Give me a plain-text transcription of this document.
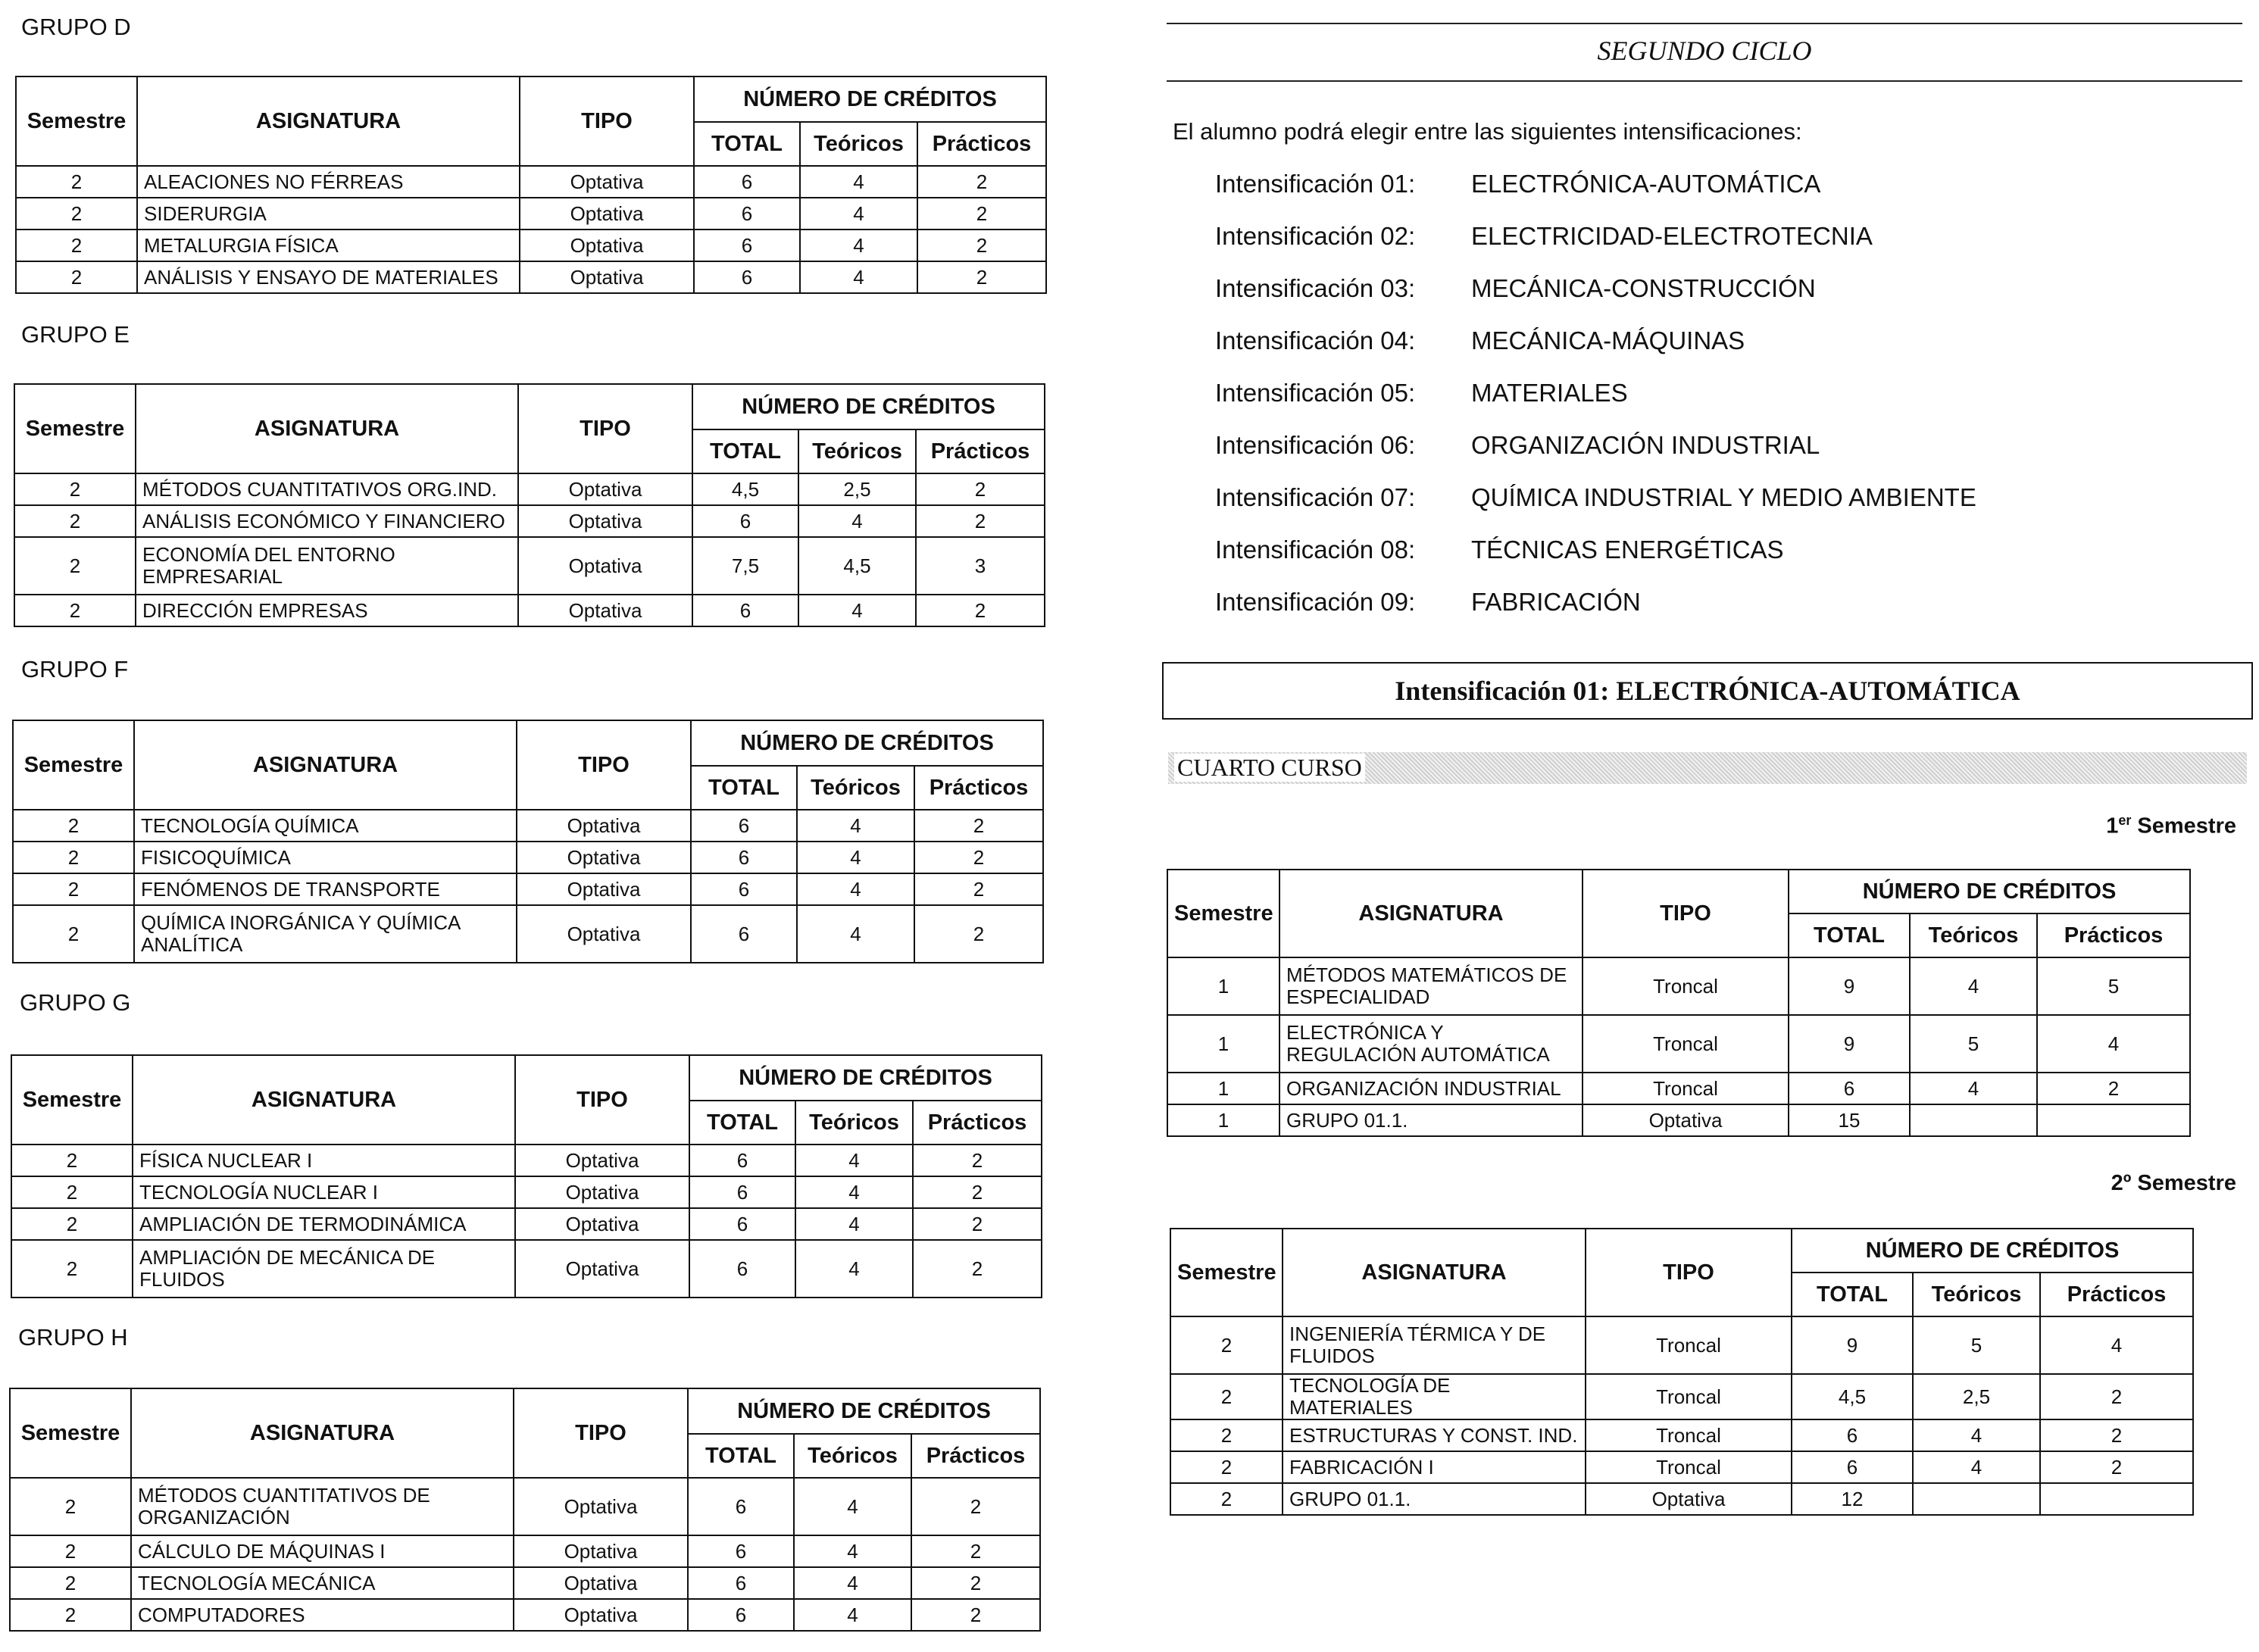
GRUPO D
Semestre	ASIGNATURA	TIPO	NÚMERO DE CRÉDITOS		
			TOTAL	Teóricos	Prácticos
2	ALEACIONES NO FÉRREAS	Optativa	6	4	2
2	SIDERURGIA	Optativa	6	4	2
2	METALURGIA FÍSICA	Optativa	6	4	2
2	ANÁLISIS Y ENSAYO DE MATERIALES	Optativa	6	4	2
GRUPO E
Semestre	ASIGNATURA	TIPO	NÚMERO DE CRÉDITOS		
			TOTAL	Teóricos	Prácticos
2	MÉTODOS CUANTITATIVOS ORG.IND.	Optativa	4,5	2,5	2
2	ANÁLISIS ECONÓMICO Y FINANCIERO	Optativa	6	4	2
2	ECONOMÍA DEL ENTORNO EMPRESARIAL	Optativa	7,5	4,5	3
2	DIRECCIÓN EMPRESAS	Optativa	6	4	2
GRUPO F
Semestre	ASIGNATURA	TIPO	NÚMERO DE CRÉDITOS		
			TOTAL	Teóricos	Prácticos
2	TECNOLOGÍA QUÍMICA	Optativa	6	4	2
2	FISICOQUÍMICA	Optativa	6	4	2
2	FENÓMENOS DE TRANSPORTE	Optativa	6	4	2
2	QUÍMICA INORGÁNICA Y QUÍMICA ANALÍTICA	Optativa	6	4	2
GRUPO G
Semestre	ASIGNATURA	TIPO	NÚMERO DE CRÉDITOS		
			TOTAL	Teóricos	Prácticos
2	FÍSICA NUCLEAR I	Optativa	6	4	2
2	TECNOLOGÍA NUCLEAR I	Optativa	6	4	2
2	AMPLIACIÓN DE TERMODINÁMICA	Optativa	6	4	2
2	AMPLIACIÓN DE MECÁNICA DE FLUIDOS	Optativa	6	4	2
GRUPO H
Semestre	ASIGNATURA	TIPO	NÚMERO DE CRÉDITOS		
			TOTAL	Teóricos	Prácticos
2	MÉTODOS CUANTITATIVOS DE ORGANIZACIÓN	Optativa	6	4	2
2	CÁLCULO DE MÁQUINAS I	Optativa	6	4	2
2	TECNOLOGÍA MECÁNICA	Optativa	6	4	2
2	COMPUTADORES	Optativa	6	4	2
SEGUNDO CICLO
El alumno podrá elegir entre las siguientes intensificaciones:
Intensificación 01: ELECTRÓNICA-AUTOMÁTICA
Intensificación 02: ELECTRICIDAD-ELECTROTECNIA
Intensificación 03: MECÁNICA-CONSTRUCCIÓN
Intensificación 04: MECÁNICA-MÁQUINAS
Intensificación 05: MATERIALES
Intensificación 06: ORGANIZACIÓN INDUSTRIAL
Intensificación 07: QUÍMICA INDUSTRIAL Y MEDIO AMBIENTE
Intensificación 08: TÉCNICAS ENERGÉTICAS
Intensificación 09: FABRICACIÓN
Intensificación 01: ELECTRÓNICA-AUTOMÁTICA
CUARTO CURSO
1er Semestre
Semestre	ASIGNATURA	TIPO	NÚMERO DE CRÉDITOS		
			TOTAL	Teóricos	Prácticos
1	MÉTODOS MATEMÁTICOS DE ESPECIALIDAD	Troncal	9	4	5
1	ELECTRÓNICA Y REGULACIÓN AUTOMÁTICA	Troncal	9	5	4
1	ORGANIZACIÓN INDUSTRIAL	Troncal	6	4	2
1	GRUPO 01.1.	Optativa	15		
2º Semestre
Semestre	ASIGNATURA	TIPO	NÚMERO DE CRÉDITOS		
			TOTAL	Teóricos	Prácticos
2	INGENIERÍA TÉRMICA Y DE FLUIDOS	Troncal	9	5	4
2	TECNOLOGÍA DE MATERIALES	Troncal	4,5	2,5	2
2	ESTRUCTURAS Y CONST. IND.	Troncal	6	4	2
2	FABRICACIÓN I	Troncal	6	4	2
2	GRUPO 01.1.	Optativa	12		
